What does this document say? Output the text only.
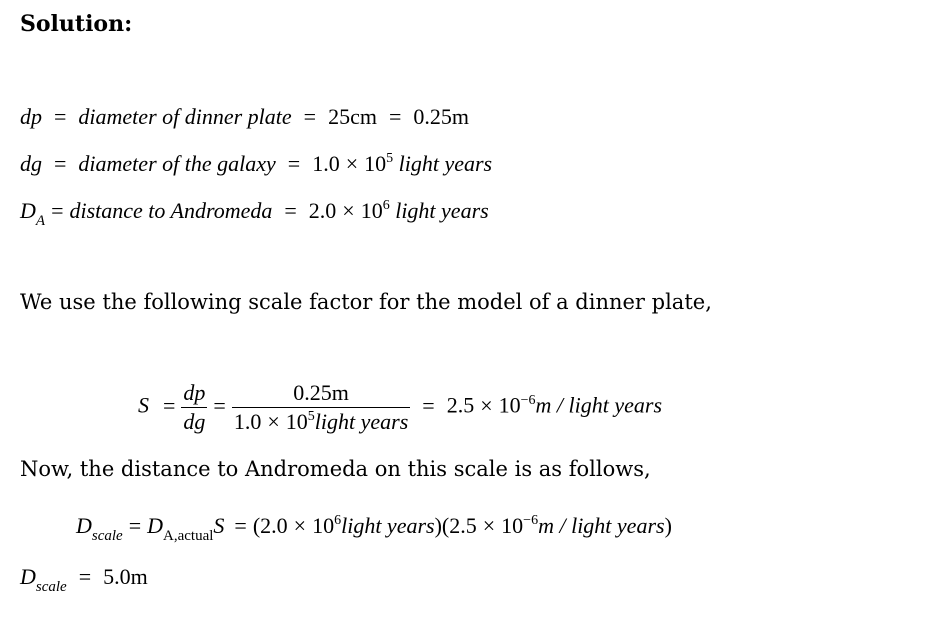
Solution:
dp = diameter of dinner plate = 25cm = 0.25m
dg = diameter of the galaxy = $1.0 \times 10^5$ light years
$D_A$ = distance to Andromeda = $2.0 \times 10^6$ light years
We use the following scale factor for the model of a dinner plate,
$S = \frac{dp}{dg} = \frac{0.25m}{1.0 \times 10^5light years} = 2.5 \times 10^{-6}m$ / light years
Now, the distance to Andromeda on this scale is as follows,
$D_{scale} = D_{A,actual}S = (2.0$ × $10^6light$ years)(2.5 × $10^{-6}m$ / light years)
$D_{scale} = 5.0m$
